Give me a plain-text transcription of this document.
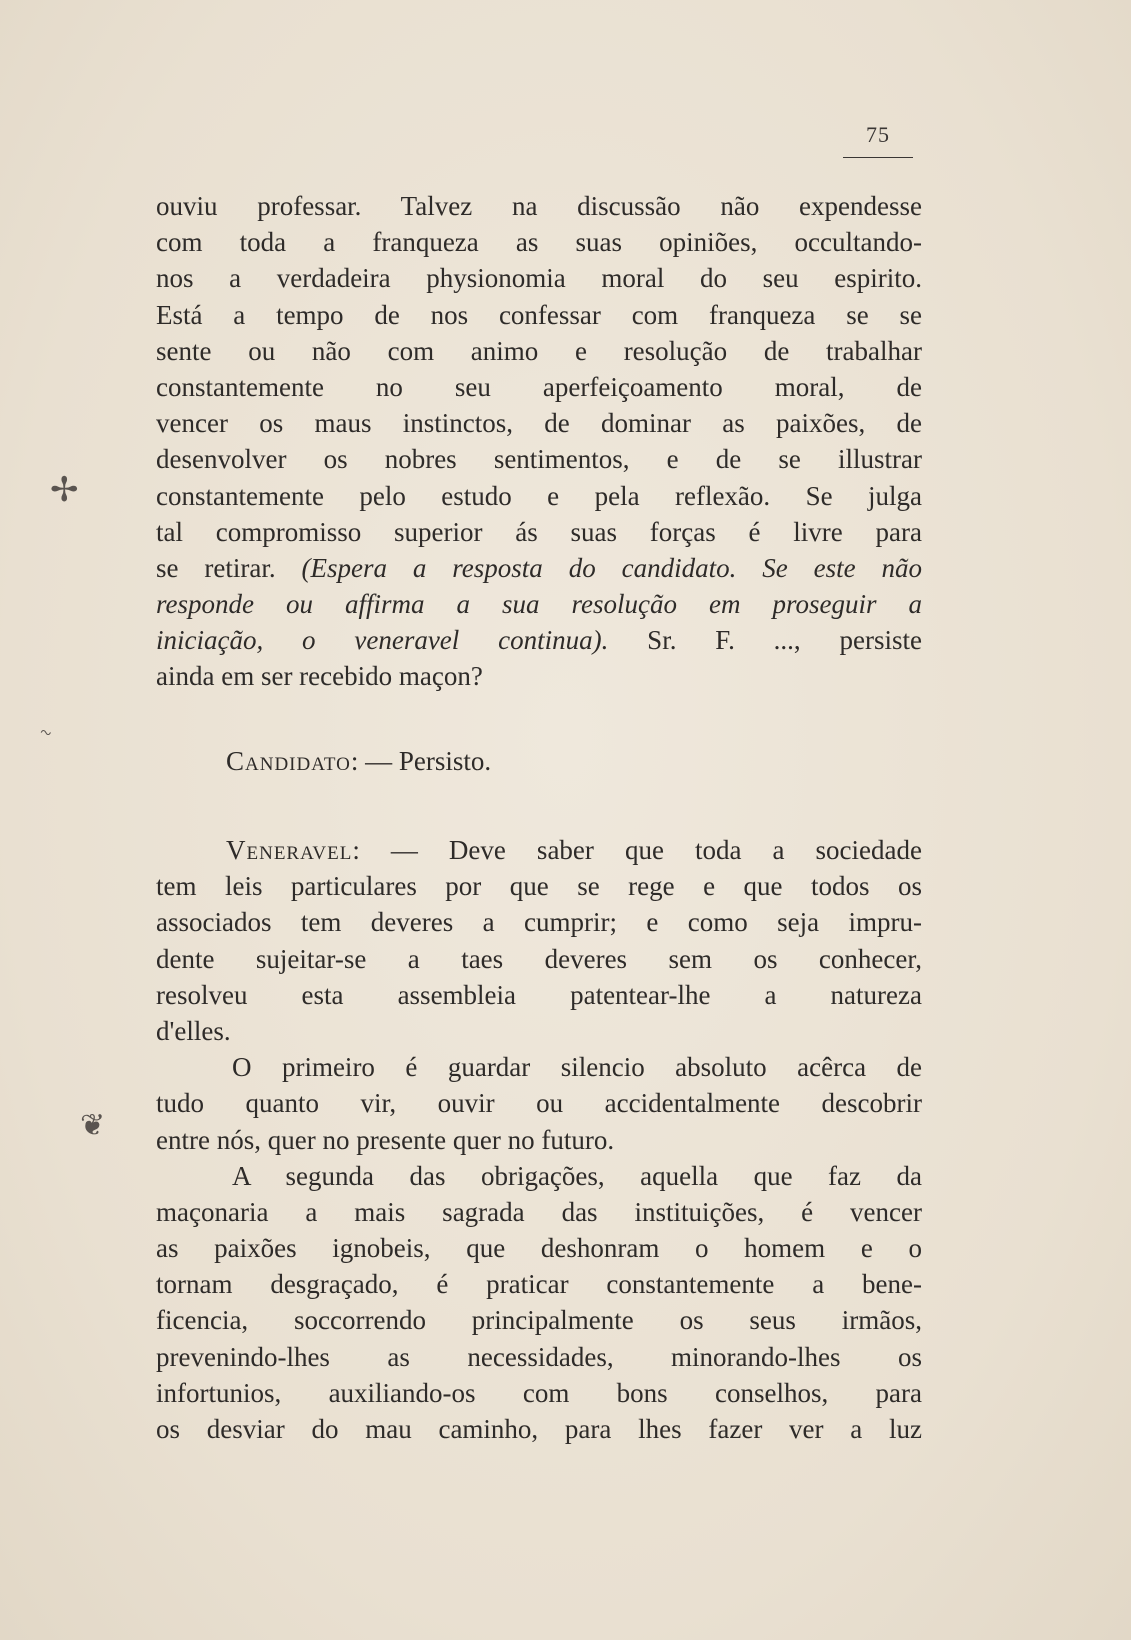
75
✢
~
❦
ouviu professar. Talvez na discussão não expendesse
com toda a franqueza as suas opiniões, occultando-
nos a verdadeira physionomia moral do seu espirito.
Está a tempo de nos confessar com franqueza se se
sente ou não com animo e resolução de trabalhar
constantemente no seu aperfeiçoamento moral, de
vencer os maus instinctos, de dominar as paixões, de
desenvolver os nobres sentimentos, e de se illustrar
constantemente pelo estudo e pela reflexão. Se julga
tal compromisso superior ás suas forças é livre para
se retirar. (Espera a resposta do candidato. Se este não
responde ou affirma a sua resolução em proseguir a
iniciação, o veneravel continua). Sr. F. ..., persiste
ainda em ser recebido maçon?
Candidato: — Persisto.
Veneravel: — Deve saber que toda a sociedade
tem leis particulares por que se rege e que todos os
associados tem deveres a cumprir; e como seja impru-
dente sujeitar-se a taes deveres sem os conhecer,
resolveu esta assembleia patentear-lhe a natureza
d'elles.
O primeiro é guardar silencio absoluto acêrca de
tudo quanto vir, ouvir ou accidentalmente descobrir
entre nós, quer no presente quer no futuro.
A segunda das obrigações, aquella que faz da
maçonaria a mais sagrada das instituições, é vencer
as paixões ignobeis, que deshonram o homem e o
tornam desgraçado, é praticar constantemente a bene-
ficencia, soccorrendo principalmente os seus irmãos,
prevenindo-lhes as necessidades, minorando-lhes os
infortunios, auxiliando-os com bons conselhos, para
os desviar do mau caminho, para lhes fazer ver a luz
